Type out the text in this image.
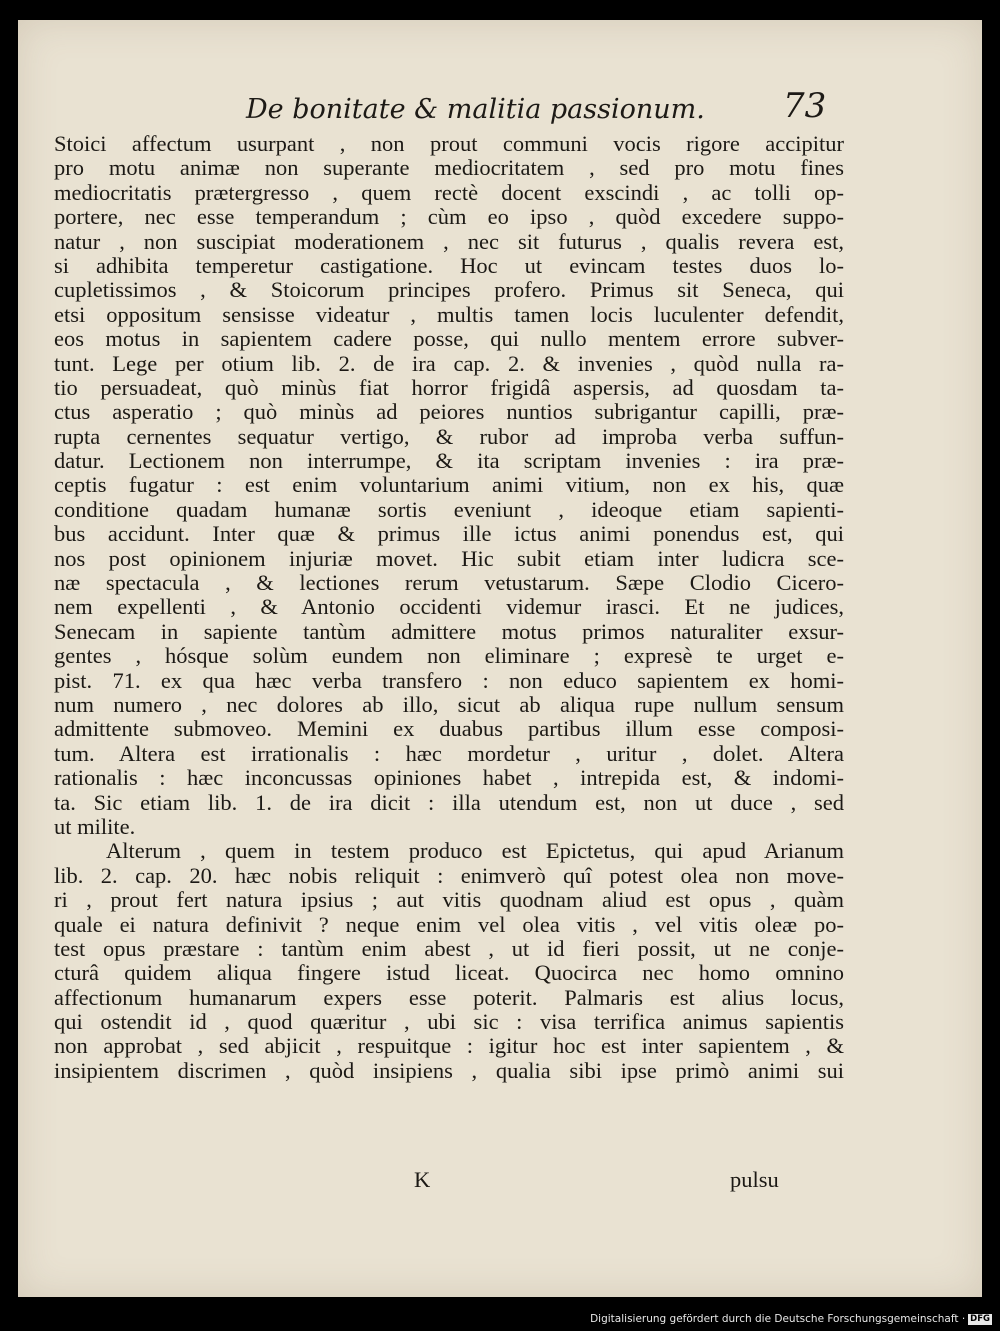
De bonitate & malitia passionum. 73
Stoici affectum usurpant , non prout communi vocis rigore accipitur
pro motu animæ non superante mediocritatem , sed pro motu fines
mediocritatis prætergresso , quem rectè docent exscindi , ac tolli op-
portere, nec esse temperandum ; cùm eo ipso , quòd excedere suppo-
natur , non suscipiat moderationem , nec sit futurus , qualis revera est,
si adhibita temperetur castigatione. Hoc ut evincam testes duos lo-
cupletissimos , & Stoicorum principes profero. Primus sit Seneca, qui
etsi oppositum sensisse videatur , multis tamen locis luculenter defendit,
eos motus in sapientem cadere posse, qui nullo mentem errore subver-
tunt. Lege per otium lib. 2. de ira cap. 2. & invenies , quòd nulla ra-
tio persuadeat, quò minùs fiat horror frigidâ aspersis, ad quosdam ta-
ctus asperatio ; quò minùs ad peiores nuntios subrigantur capilli, præ-
rupta cernentes sequatur vertigo, & rubor ad improba verba suffun-
datur. Lectionem non interrumpe, & ita scriptam invenies : ira præ-
ceptis fugatur : est enim voluntarium animi vitium, non ex his, quæ
conditione quadam humanæ sortis eveniunt , ideoque etiam sapienti-
bus accidunt. Inter quæ & primus ille ictus animi ponendus est, qui
nos post opinionem injuriæ movet. Hic subit etiam inter ludicra sce-
næ spectacula , & lectiones rerum vetustarum. Sæpe Clodio Cicero-
nem expellenti , & Antonio occidenti videmur irasci. Et ne judices,
Senecam in sapiente tantùm admittere motus primos naturaliter exsur-
gentes , hósque solùm eundem non eliminare ; expresè te urget e-
pist. 71. ex qua hæc verba transfero : non educo sapientem ex homi-
num numero , nec dolores ab illo, sicut ab aliqua rupe nullum sensum
admittente submoveo. Memini ex duabus partibus illum esse composi-
tum. Altera est irrationalis : hæc mordetur , uritur , dolet. Altera
rationalis : hæc inconcussas opiniones habet , intrepida est, & indomi-
ta. Sic etiam lib. 1. de ira dicit : illa utendum est, non ut duce , sed
ut milite.
Alterum , quem in testem produco est Epictetus, qui apud Arianum
lib. 2. cap. 20. hæc nobis reliquit : enimverò quî potest olea non move-
ri , prout fert natura ipsius ; aut vitis quodnam aliud est opus , quàm
quale ei natura definivit ? neque enim vel olea vitis , vel vitis oleæ po-
test opus præstare : tantùm enim abest , ut id fieri possit, ut ne conje-
cturâ quidem aliqua fingere istud liceat. Quocirca nec homo omnino
affectionum humanarum expers esse poterit. Palmaris est alius locus,
qui ostendit id , quod quæritur , ubi sic : visa terrifica animus sapientis
non approbat , sed abjicit , respuitque : igitur hoc est inter sapientem , &
insipientem discrimen , quòd insipiens , qualia sibi ipse primò animi sui
K	pulsu
Digitalisierung gefördert durch die Deutsche Forschungsgemeinschaft · DFG
